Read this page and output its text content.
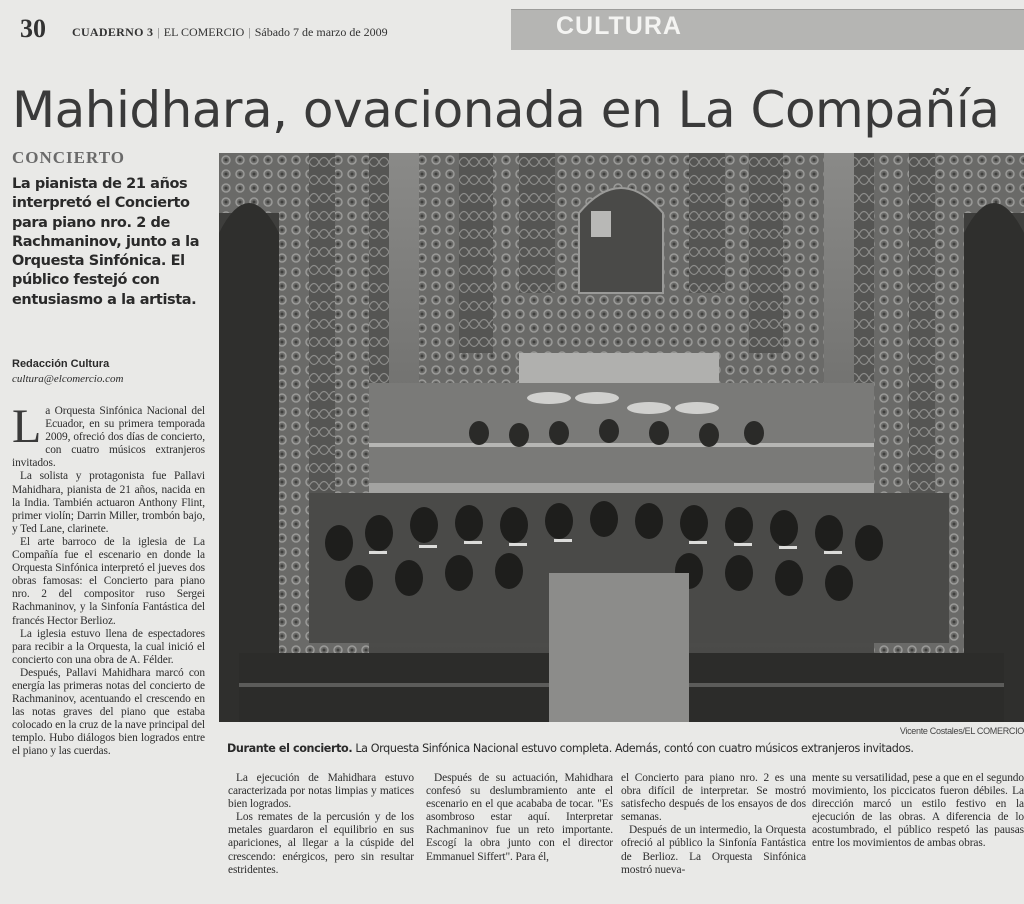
30 CUADERNO 3 | EL COMERCIO | Sábado 7 de marzo de 2009	CULTURA
Mahidhara, ovacionada en La Compañía
CONCIERTO
La pianista de 21 años interpretó el Concierto para piano nro. 2 de Rachmaninov, junto a la Orquesta Sinfónica. El público festejó con entusiasmo a la artista.
Redacción Cultura
cultura@elcomercio.com

La Orquesta Sinfónica Nacional del Ecuador, en su primera temporada 2009, ofreció dos días de concierto, con cuatro músicos extranjeros invitados.

La solista y protagonista fue Pallavi Mahidhara, pianista de 21 años, nacida en la India. También actuaron Anthony Flint, primer violín; Darrin Miller, trombón bajo, y Ted Lane, clarinete.

El arte barroco de la iglesia de La Compañía fue el escenario en donde la Orquesta Sinfónica interpretó el jueves dos obras famosas: el Concierto para piano nro. 2 del compositor ruso Sergei Rachmaninov, y la Sinfonía Fantástica del francés Hector Berlioz.

La iglesia estuvo llena de espectadores para recibir a la Orquesta, la cual inició el concierto con una obra de A. Félder.

Después, Pallavi Mahidhara marcó con energía las primeras notas del concierto de Rachmaninov, acentuando el crescendo en las notas graves del piano que estaba colocado en la cruz de la nave principal del templo. Hubo diálogos bien logrados entre el piano y las cuerdas.

Vicente Costales/EL COMERCIO
Durante el concierto. La Orquesta Sinfónica Nacional estuvo completa. Además, contó con cuatro músicos extranjeros invitados.

La ejecución de Mahidhara estuvo caracterizada por notas limpias y matices bien logrados.

Los remates de la percusión y de los metales guardaron el equilibrio en sus apariciones, al llegar a la cúspide del crescendo: enérgicos, pero sin resultar estridentes.

Después de su actuación, Mahidhara confesó su deslumbramiento ante el escenario en el que acababa de tocar. "Es asombroso estar aquí. Interpretar Rachmaninov fue un reto importante. Escogí la obra junto con el director Emmanuel Siffert". Para él,

el Concierto para piano nro. 2 es una obra difícil de interpretar. Se mostró satisfecho después de los ensayos de dos semanas.

Después de un intermedio, la Orquesta ofreció al público la Sinfonía Fantástica de Berlioz. La Orquesta Sinfónica mostró nueva-

mente su versatilidad, pese a que en el segundo movimiento, los piccicatos fueron débiles. La dirección marcó un estilo festivo en la ejecución de las obras. A diferencia de lo acostumbrado, el público respetó las pausas entre los movimientos de ambas obras.
